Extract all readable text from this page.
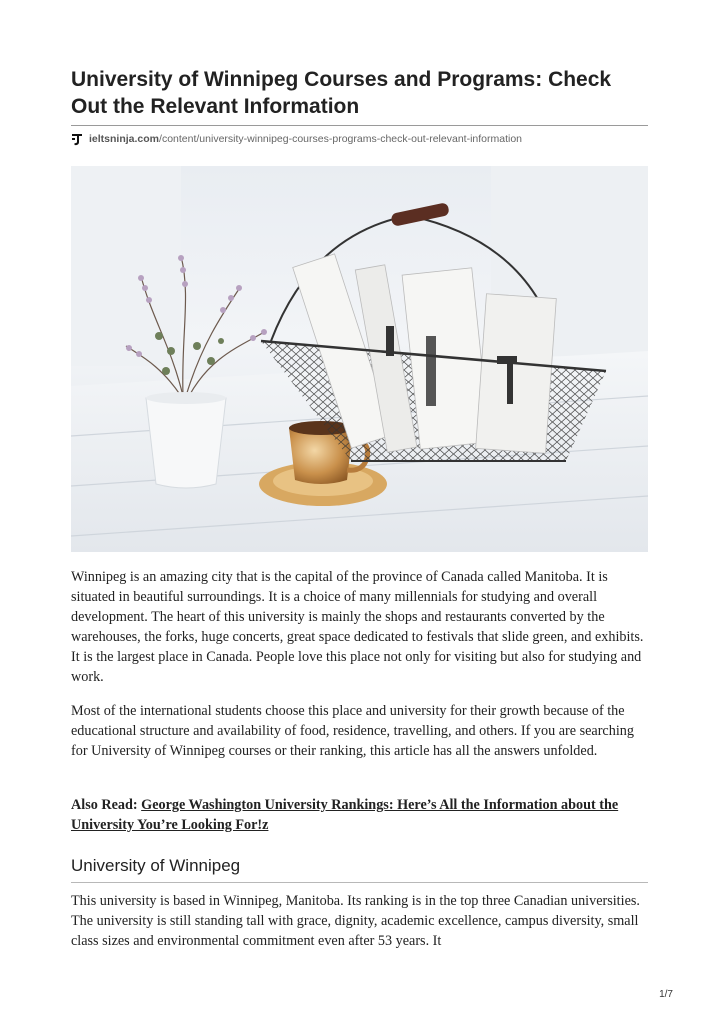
University of Winnipeg Courses and Programs: Check Out the Relevant Information
ieltsninja.com /content/university-winnipeg-courses-programs-check-out-relevant-information

Winnipeg is an amazing city that is the capital of the province of Canada called Manitoba. It is situated in beautiful surroundings. It is a choice of many millennials for studying and overall development. The heart of this university is mainly the shops and restaurants converted by the warehouses, the forks, huge concerts, great space dedicated to festivals that slide green, and exhibits. It is the largest place in Canada. People love this place not only for visiting but also for studying and work.

Most of the international students choose this place and university for their growth because of the educational structure and availability of food, residence, travelling, and others. If you are searching for University of Winnipeg courses or their ranking, this article has all the answers unfolded.

Also Read: George Washington University Rankings: Here’s All the Information about the University You’re Looking For!z

University of Winnipeg

This university is based in Winnipeg, Manitoba. Its ranking is in the top three Canadian universities. The university is still standing tall with grace, dignity, academic excellence, campus diversity, small class sizes and environmental commitment even after 53 years. It

1/7
